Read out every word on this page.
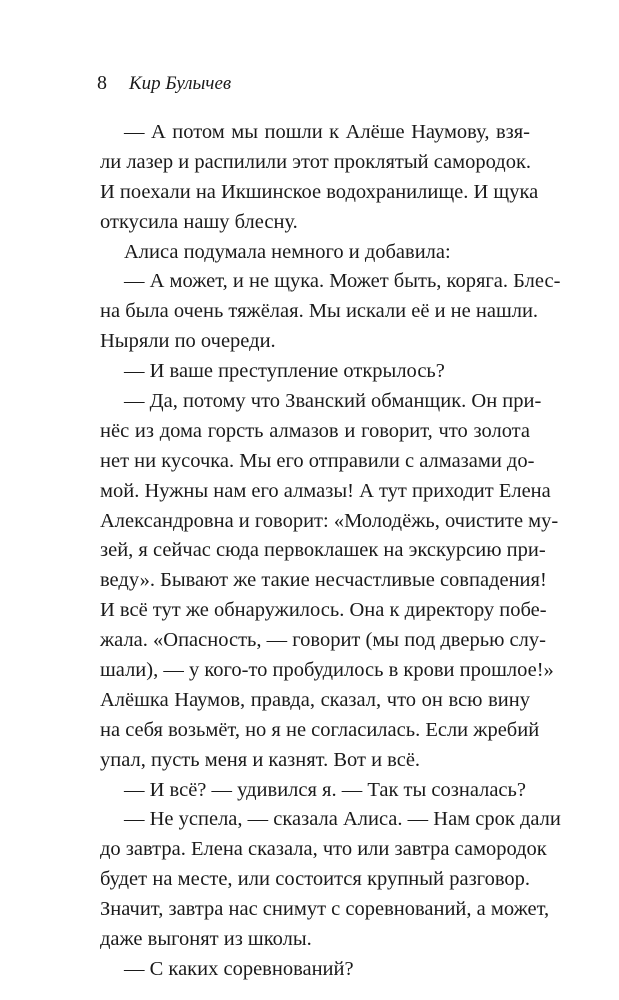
8 Кир Булычев
— А потом мы пошли к Алёше Наумову, взя-
ли лазер и распилили этот проклятый самородок.
И поехали на Икшинское водохранилище. И щука
откусила нашу блесну.
Алиса подумала немного и добавила:
— А может, и не щука. Может быть, коряга. Блес-
на была очень тяжёлая. Мы искали её и не нашли.
Ныряли по очереди.
— И ваше преступление открылось?
— Да, потому что Званский обманщик. Он при-
нёс из дома горсть алмазов и говорит, что золота
нет ни кусочка. Мы его отправили с алмазами до-
мой. Нужны нам его алмазы! А тут приходит Елена
Александровна и говорит: «Молодёжь, очистите му-
зей, я сейчас сюда первоклашек на экскурсию при-
веду». Бывают же такие несчастливые совпадения!
И всё тут же обнаружилось. Она к директору побе-
жала. «Опасность, — говорит (мы под дверью слу-
шали), — у кого-то пробудилось в крови прошлое!»
Алёшка Наумов, правда, сказал, что он всю вину
на себя возьмёт, но я не согласилась. Если жребий
упал, пусть меня и казнят. Вот и всё.
— И всё? — удивился я. — Так ты созналась?
— Не успела, — сказала Алиса. — Нам срок дали
до завтра. Елена сказала, что или завтра самородок
будет на месте, или состоится крупный разговор.
Значит, завтра нас снимут с соревнований, а может,
даже выгонят из школы.
— С каких соревнований?
